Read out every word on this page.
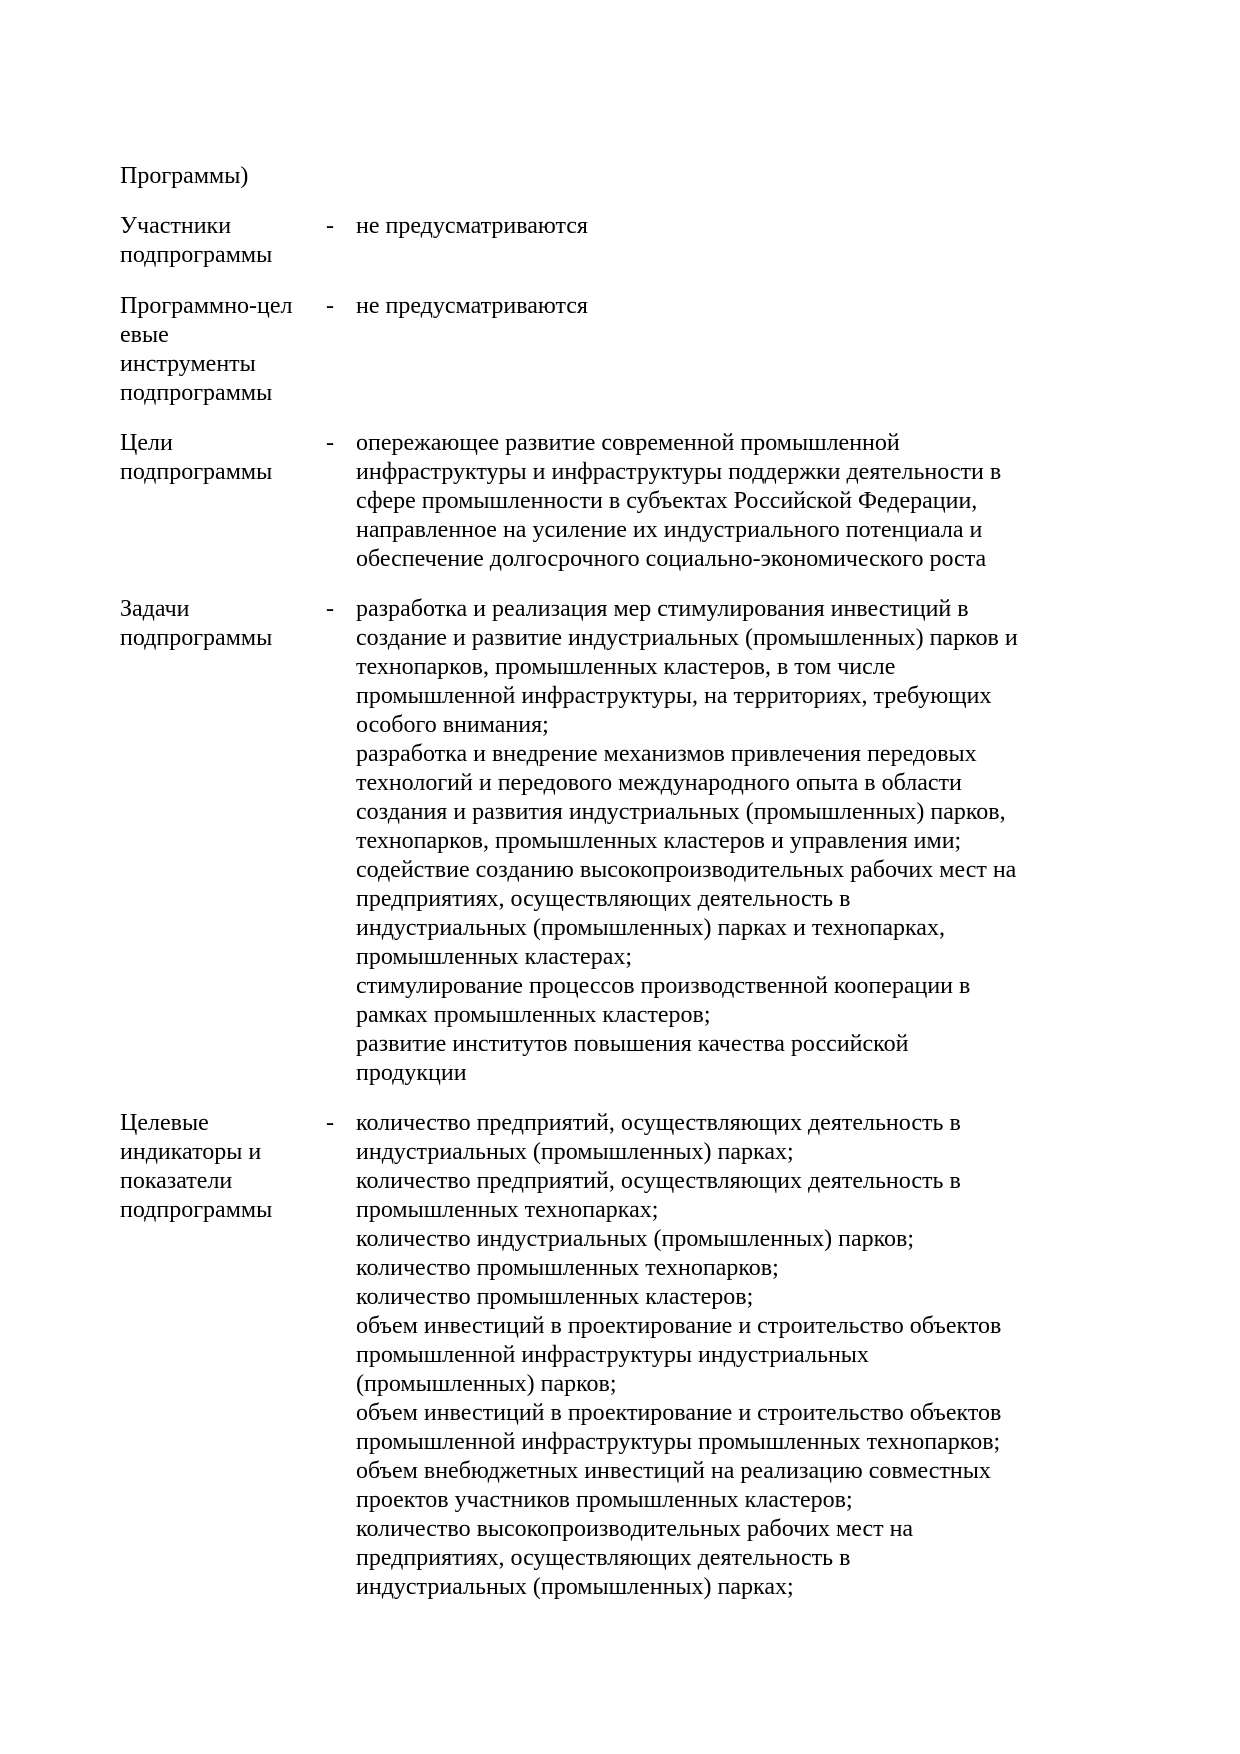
Программы)
Участники
подпрограммы
- не предусматриваются
Программно-цел
евые
инструменты
подпрограммы
- не предусматриваются
Цели
подпрограммы
- опережающее развитие современной промышленной
инфраструктуры и инфраструктуры поддержки деятельности в
сфере промышленности в субъектах Российской Федерации,
направленное на усиление их индустриального потенциала и
обеспечение долгосрочного социально-экономического роста
Задачи
подпрограммы
- разработка и реализация мер стимулирования инвестиций в
создание и развитие индустриальных (промышленных) парков и
технопарков, промышленных кластеров, в том числе
промышленной инфраструктуры, на территориях, требующих
особого внимания;
разработка и внедрение механизмов привлечения передовых
технологий и передового международного опыта в области
создания и развития индустриальных (промышленных) парков,
технопарков, промышленных кластеров и управления ими;
содействие созданию высокопроизводительных рабочих мест на
предприятиях, осуществляющих деятельность в
индустриальных (промышленных) парках и технопарках,
промышленных кластерах;
стимулирование процессов производственной кооперации в
рамках промышленных кластеров;
развитие институтов повышения качества российской
продукции
Целевые
индикаторы и
показатели
подпрограммы
- количество предприятий, осуществляющих деятельность в
индустриальных (промышленных) парках;
количество предприятий, осуществляющих деятельность в
промышленных технопарках;
количество индустриальных (промышленных) парков;
количество промышленных технопарков;
количество промышленных кластеров;
объем инвестиций в проектирование и строительство объектов
промышленной инфраструктуры индустриальных
(промышленных) парков;
объем инвестиций в проектирование и строительство объектов
промышленной инфраструктуры промышленных технопарков;
объем внебюджетных инвестиций на реализацию совместных
проектов участников промышленных кластеров;
количество высокопроизводительных рабочих мест на
предприятиях, осуществляющих деятельность в
индустриальных (промышленных) парках;
